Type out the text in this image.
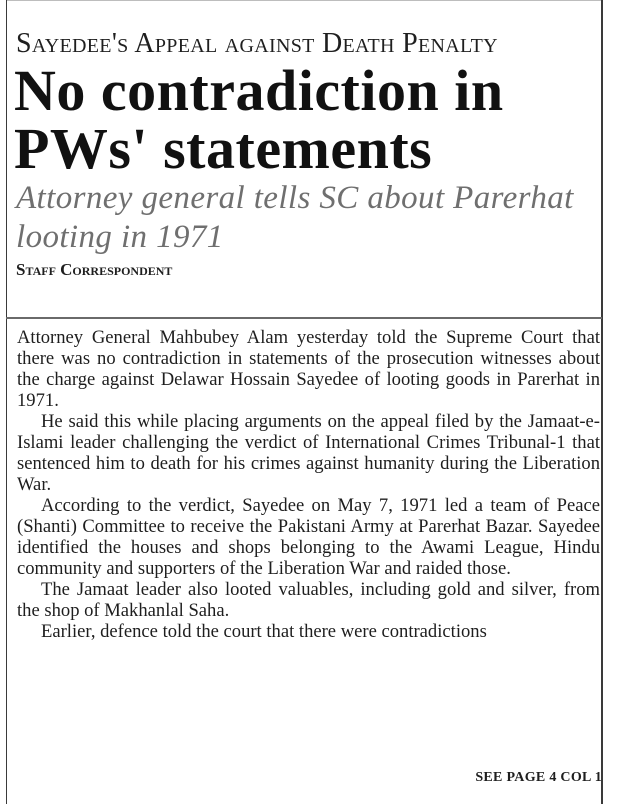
Sayedee's Appeal against Death Penalty
No contradiction in PWs' statements
Attorney general tells SC about Parerhat looting in 1971
Staff Correspondent

Attorney General Mahbubey Alam yesterday told the Supreme Court that there was no contradiction in statements of the prosecution witnesses about the charge against Delawar Hossain Sayedee of looting goods in Parerhat in 1971.

He said this while placing arguments on the appeal filed by the Jamaat-e-Islami leader challenging the verdict of International Crimes Tribunal-1 that sentenced him to death for his crimes against humanity during the Liberation War.

According to the verdict, Sayedee on May 7, 1971 led a team of Peace (Shanti) Committee to receive the Pakistani Army at Parerhat Bazar. Sayedee identified the houses and shops belonging to the Awami League, Hindu community and supporters of the Liberation War and raided those.

The Jamaat leader also looted valuables, including gold and silver, from the shop of Makhanlal Saha.

Earlier, defence told the court that there were contradictions

SEE PAGE 4 COL 1
